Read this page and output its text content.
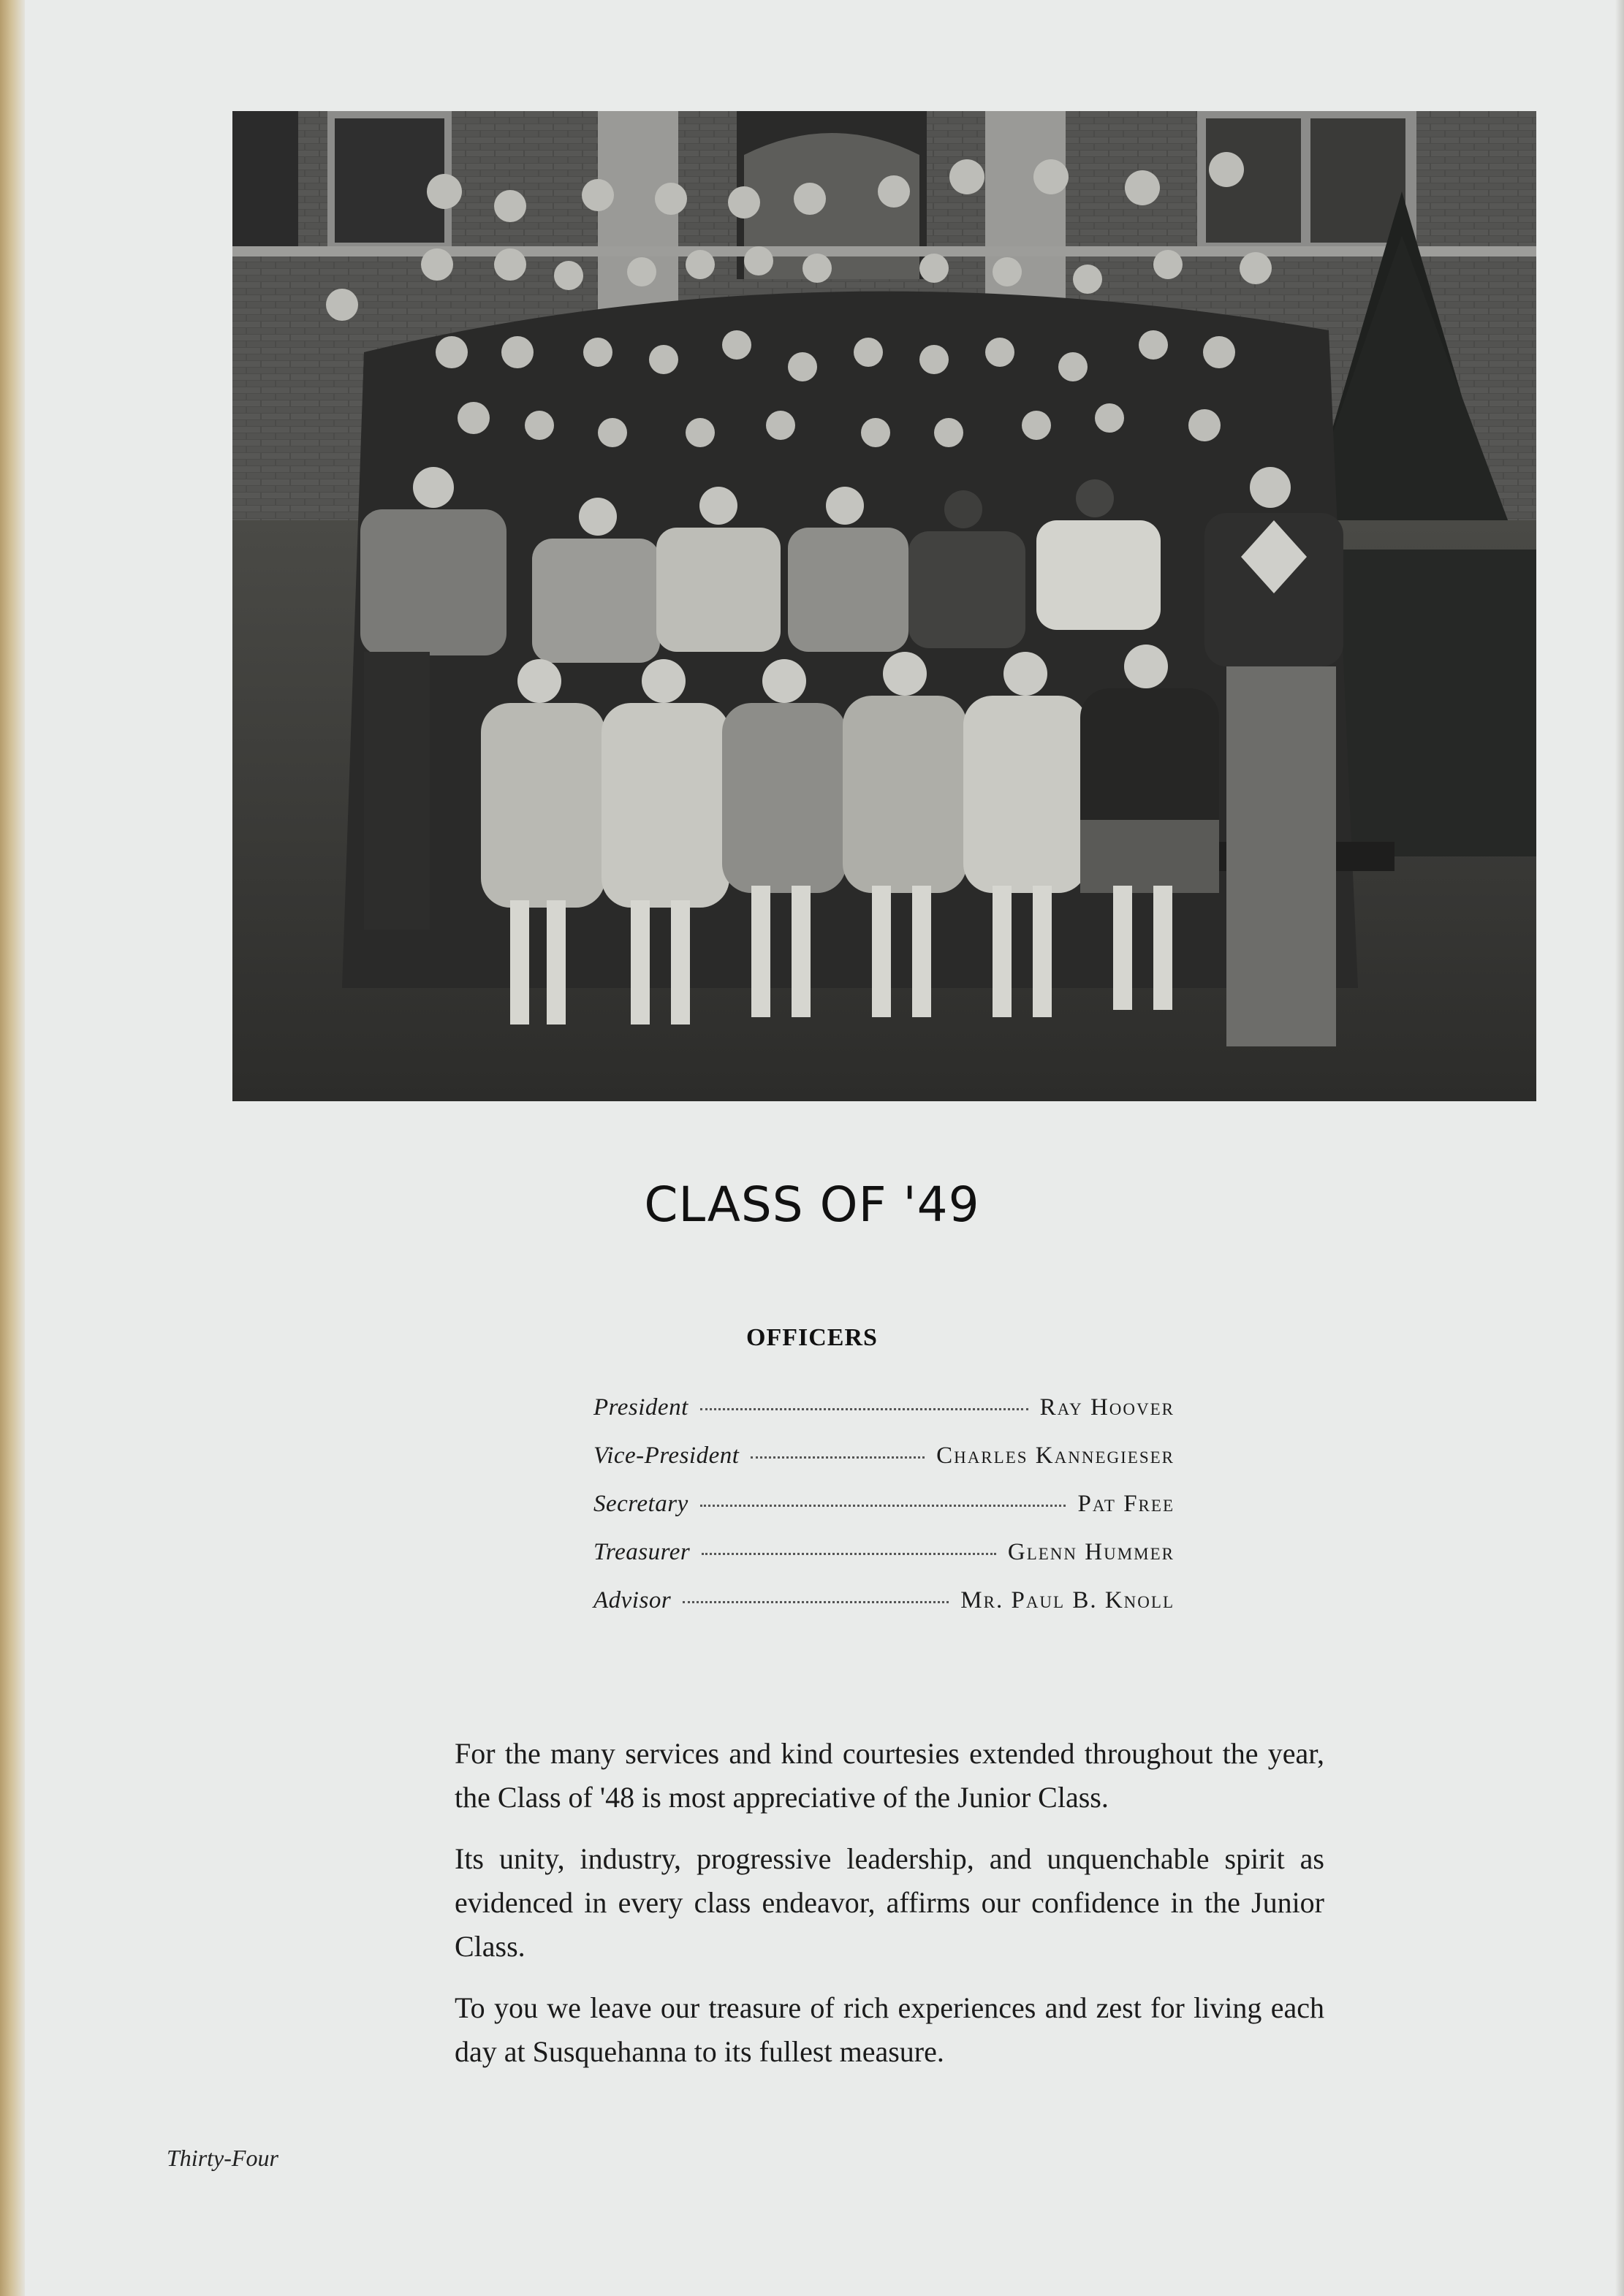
CLASS OF '49
OFFICERS
President	Ray Hoover
Vice-President	Charles Kannegieser
Secretary	Pat Free
Treasurer	Glenn Hummer
Advisor	Mr. Paul B. Knoll

For the many services and kind courtesies extended throughout the year, the Class of '48 is most appreciative of the Junior Class.

Its unity, industry, progressive leadership, and unquenchable spirit as evidenced in every class endeavor, affirms our confidence in the Junior Class.

To you we leave our treasure of rich experiences and zest for living each day at Susquehanna to its fullest measure.

Thirty-Four
